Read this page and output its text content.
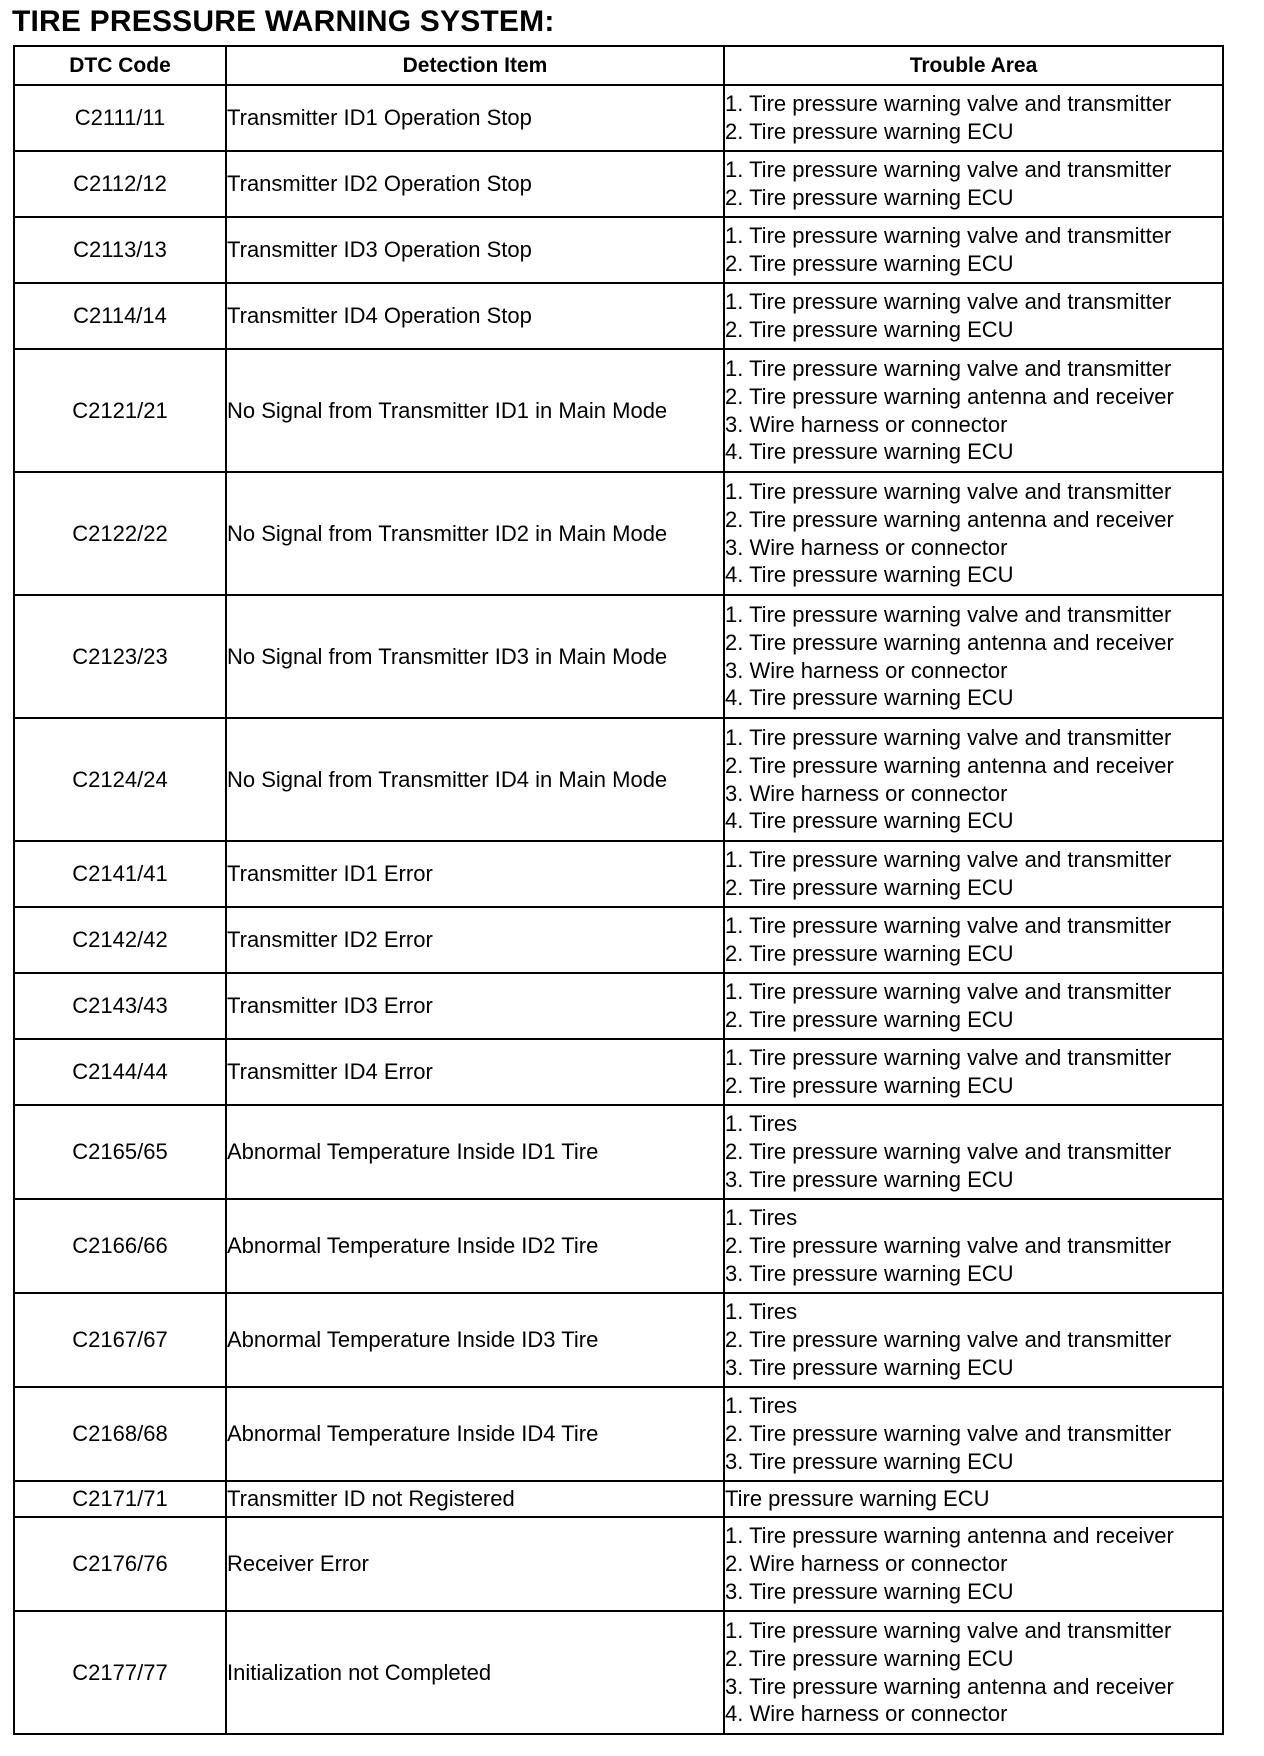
TIRE PRESSURE WARNING SYSTEM:
DTC Code	Detection Item	Trouble Area
C2111/11	Transmitter ID1 Operation Stop	1. Tire pressure warning valve and transmitter
2. Tire pressure warning ECU

C2112/12	Transmitter ID2 Operation Stop	1. Tire pressure warning valve and transmitter
2. Tire pressure warning ECU

C2113/13	Transmitter ID3 Operation Stop	1. Tire pressure warning valve and transmitter
2. Tire pressure warning ECU

C2114/14	Transmitter ID4 Operation Stop	1. Tire pressure warning valve and transmitter
2. Tire pressure warning ECU

C2121/21	No Signal from Transmitter ID1 in Main Mode	1. Tire pressure warning valve and transmitter
2. Tire pressure warning antenna and receiver
3. Wire harness or connector
4. Tire pressure warning ECU

C2122/22	No Signal from Transmitter ID2 in Main Mode	1. Tire pressure warning valve and transmitter
2. Tire pressure warning antenna and receiver
3. Wire harness or connector
4. Tire pressure warning ECU

C2123/23	No Signal from Transmitter ID3 in Main Mode	1. Tire pressure warning valve and transmitter
2. Tire pressure warning antenna and receiver
3. Wire harness or connector
4. Tire pressure warning ECU

C2124/24	No Signal from Transmitter ID4 in Main Mode	1. Tire pressure warning valve and transmitter
2. Tire pressure warning antenna and receiver
3. Wire harness or connector
4. Tire pressure warning ECU

C2141/41	Transmitter ID1 Error	1. Tire pressure warning valve and transmitter
2. Tire pressure warning ECU

C2142/42	Transmitter ID2 Error	1. Tire pressure warning valve and transmitter
2. Tire pressure warning ECU

C2143/43	Transmitter ID3 Error	1. Tire pressure warning valve and transmitter
2. Tire pressure warning ECU

C2144/44	Transmitter ID4 Error	1. Tire pressure warning valve and transmitter
2. Tire pressure warning ECU

C2165/65	Abnormal Temperature Inside ID1 Tire	1. Tires
2. Tire pressure warning valve and transmitter
3. Tire pressure warning ECU

C2166/66	Abnormal Temperature Inside ID2 Tire	1. Tires
2. Tire pressure warning valve and transmitter
3. Tire pressure warning ECU

C2167/67	Abnormal Temperature Inside ID3 Tire	1. Tires
2. Tire pressure warning valve and transmitter
3. Tire pressure warning ECU

C2168/68	Abnormal Temperature Inside ID4 Tire	1. Tires
2. Tire pressure warning valve and transmitter
3. Tire pressure warning ECU

C2171/71	Transmitter ID not Registered	Tire pressure warning ECU

C2176/76	Receiver Error	1. Tire pressure warning antenna and receiver
2. Wire harness or connector
3. Tire pressure warning ECU

C2177/77	Initialization not Completed	1. Tire pressure warning valve and transmitter
2. Tire pressure warning ECU
3. Tire pressure warning antenna and receiver
4. Wire harness or connector
